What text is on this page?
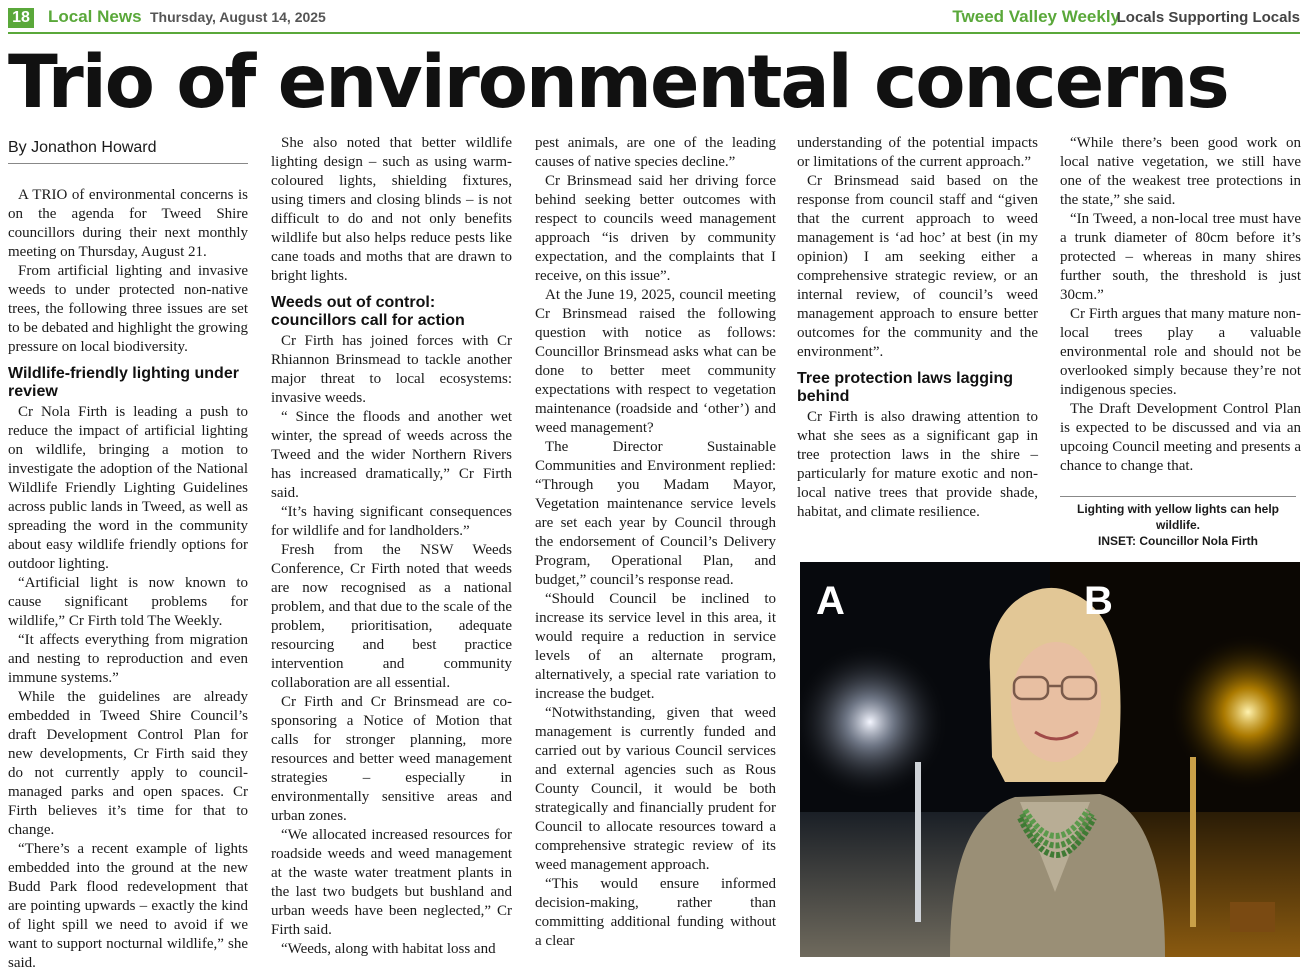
18 Local News Thursday, August 14, 2025	Tweed Valley Weekly
Locals Supporting Locals
Trio of environmental concerns
By Jonathon Howard

A TRIO of environmental concerns is on the agenda for Tweed Shire councillors during their next monthly meeting on Thursday, August 21.

From artificial lighting and invasive weeds to under protected non-native trees, the following three issues are set to be debated and highlight the growing pressure on local biodiversity.

Wildlife-friendly lighting under review

Cr Nola Firth is leading a push to reduce the impact of artificial lighting on wildlife, bringing a motion to investigate the adoption of the National Wildlife Friendly Lighting Guidelines across public lands in Tweed, as well as spreading the word in the community about easy wildlife friendly options for outdoor lighting.

“Artificial light is now known to cause significant problems for wildlife,” Cr Firth told The Weekly.

“It affects everything from migration and nesting to reproduction and even immune systems.”

While the guidelines are already embedded in Tweed Shire Council’s draft Development Control Plan for new developments, Cr Firth said they do not currently apply to council-managed parks and open spaces. Cr Firth believes it’s time for that to change.

“There’s a recent example of lights embedded into the ground at the new Budd Park flood redevelopment that are pointing upwards – exactly the kind of light spill we need to avoid if we want to support nocturnal wildlife,” she said.

She also noted that better wildlife lighting design – such as using warm-coloured lights, shielding fixtures, using timers and closing blinds – is not difficult to do and not only benefits wildlife but also helps reduce pests like cane toads and moths that are drawn to bright lights.

Weeds out of control: councillors call for action

Cr Firth has joined forces with Cr Rhiannon Brinsmead to tackle another major threat to local ecosystems: invasive weeds.

“ Since the floods and another wet winter, the spread of weeds across the Tweed and the wider Northern Rivers has increased dramatically,” Cr Firth said.

“It’s having significant consequences for wildlife and for landholders.”

Fresh from the NSW Weeds Conference, Cr Firth noted that weeds are now recognised as a national problem, and that due to the scale of the problem, prioritisation, adequate resourcing and best practice intervention and community collaboration are all essential.

Cr Firth and Cr Brinsmead are co-sponsoring a Notice of Motion that calls for stronger planning, more resources and better weed management strategies – especially in environmentally sensitive areas and urban zones.

“We allocated increased resources for roadside weeds and weed management at the waste water treatment plants in the last two budgets but bushland and urban weeds have been neglected,” Cr Firth said.

“Weeds, along with habitat loss and

pest animals, are one of the leading causes of native species decline.”

Cr Brinsmead said her driving force behind seeking better outcomes with respect to councils weed management approach “is driven by community expectation, and the complaints that I receive, on this issue”.

At the June 19, 2025, council meeting Cr Brinsmead raised the following question with notice as follows: Councillor Brinsmead asks what can be done to better meet community expectations with respect to vegetation maintenance (roadside and ‘other’) and weed management?

The Director Sustainable Communities and Environment replied: “Through you Madam Mayor, Vegetation maintenance service levels are set each year by Council through the endorsement of Council’s Delivery Program, Operational Plan, and budget,” council’s response read.

“Should Council be inclined to increase its service level in this area, it would require a reduction in service levels of an alternate program, alternatively, a special rate variation to increase the budget.

“Notwithstanding, given that weed management is currently funded and carried out by various Council services and external agencies such as Rous County Council, it would be both strategically and financially prudent for Council to allocate resources toward a comprehensive strategic review of its weed management approach.

“This would ensure informed decision-making, rather than committing additional funding without a clear

understanding of the potential impacts or limitations of the current approach.”

Cr Brinsmead said based on the response from council staff and “given that the current approach to weed management is ‘ad hoc’ at best (in my opinion) I am seeking either a comprehensive strategic review, or an internal review, of council’s weed management approach to ensure better outcomes for the community and the environment”.

Tree protection laws lagging behind

Cr Firth is also drawing attention to what she sees as a significant gap in tree protection laws in the shire – particularly for mature exotic and non-local native trees that provide shade, habitat, and climate resilience.

“While there’s been good work on local native vegetation, we still have one of the weakest tree protections in the state,” she said.

“In Tweed, a non-local tree must have a trunk diameter of 80cm before it’s protected – whereas in many shires further south, the threshold is just 30cm.”

Cr Firth argues that many mature non-local trees play a valuable environmental role and should not be overlooked simply because they’re not indigenous species.

The Draft Development Control Plan is expected to be discussed and via an upcoing Council meeting and presents a chance to change that.

Lighting with yellow lights can help wildlife.
INSET: Councillor Nola Firth
A	B
